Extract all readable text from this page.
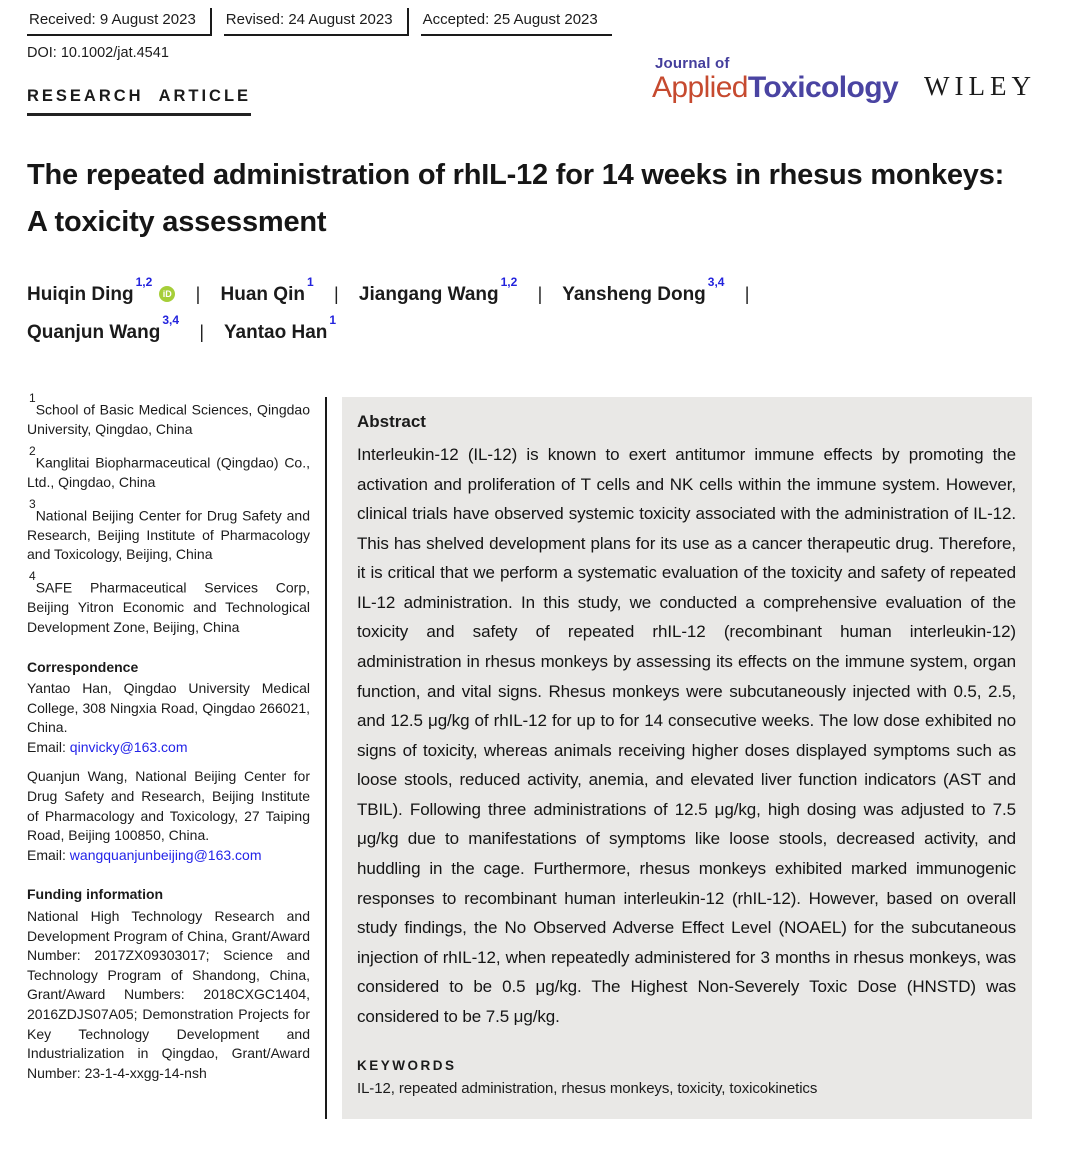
Received: 9 August 2023	Revised: 24 August 2023	Accepted: 25 August 2023
DOI: 10.1002/jat.4541
Journal of
AppliedToxicology WILEY
RESEARCH ARTICLE
The repeated administration of rhIL-12 for 14 weeks in rhesus monkeys: A toxicity assessment
Huiqin Ding$^{1,2}$iD | Huan Qin$^1$ | Jiangang Wang$^{1,2}$ | Yansheng Dong$^{3,4}$ |
Quanjun Wang$^{3,4}$ | Yantao Han$^1$

$^1$School of Basic Medical Sciences, Qingdao University, Qingdao, China

$^2$Kanglitai Biopharmaceutical (Qingdao) Co., Ltd., Qingdao, China

$^3$National Beijing Center for Drug Safety and Research, Beijing Institute of Pharmacology and Toxicology, Beijing, China

$^4$SAFE Pharmaceutical Services Corp, Beijing Yitron Economic and Technological Development Zone, Beijing, China

Correspondence

Yantao Han, Qingdao University Medical College, 308 Ningxia Road, Qingdao 266021, China.
Email: qinvicky@163.com

Quanjun Wang, National Beijing Center for Drug Safety and Research, Beijing Institute of Pharmacology and Toxicology, 27 Taiping Road, Beijing 100850, China.
Email: wangquanjunbeijing@163.com

Funding information

National High Technology Research and Development Program of China, Grant/Award Number: 2017ZX09303017; Science and Technology Program of Shandong, China, Grant/Award Numbers: 2018CXGC1404, 2016ZDJS07A05; Demonstration Projects for Key Technology Development and Industrialization in Qingdao, Grant/Award Number: 23-1-4-xxgg-14-nsh

Abstract
Interleukin-12 (IL-12) is known to exert antitumor immune effects by promoting the activation and proliferation of T cells and NK cells within the immune system. However, clinical trials have observed systemic toxicity associated with the administration of IL-12. This has shelved development plans for its use as a cancer therapeutic drug. Therefore, it is critical that we perform a systematic evaluation of the toxicity and safety of repeated IL-12 administration. In this study, we conducted a comprehensive evaluation of the toxicity and safety of repeated rhIL-12 (recombinant human interleukin-12) administration in rhesus monkeys by assessing its effects on the immune system, organ function, and vital signs. Rhesus monkeys were subcutaneously injected with 0.5, 2.5, and 12.5 μg/kg of rhIL-12 for up to for 14 consecutive weeks. The low dose exhibited no signs of toxicity, whereas animals receiving higher doses displayed symptoms such as loose stools, reduced activity, anemia, and elevated liver function indicators (AST and TBIL). Following three administrations of 12.5 μg/kg, high dosing was adjusted to 7.5 μg/kg due to manifestations of symptoms like loose stools, decreased activity, and huddling in the cage. Furthermore, rhesus monkeys exhibited marked immunogenic responses to recombinant human interleukin-12 (rhIL-12). However, based on overall study findings, the No Observed Adverse Effect Level (NOAEL) for the subcutaneous injection of rhIL-12, when repeatedly administered for 3 months in rhesus monkeys, was considered to be 0.5 μg/kg. The Highest Non-Severely Toxic Dose (HNSTD) was considered to be 7.5 μg/kg.
KEYWORDS
IL-12, repeated administration, rhesus monkeys, toxicity, toxicokinetics
